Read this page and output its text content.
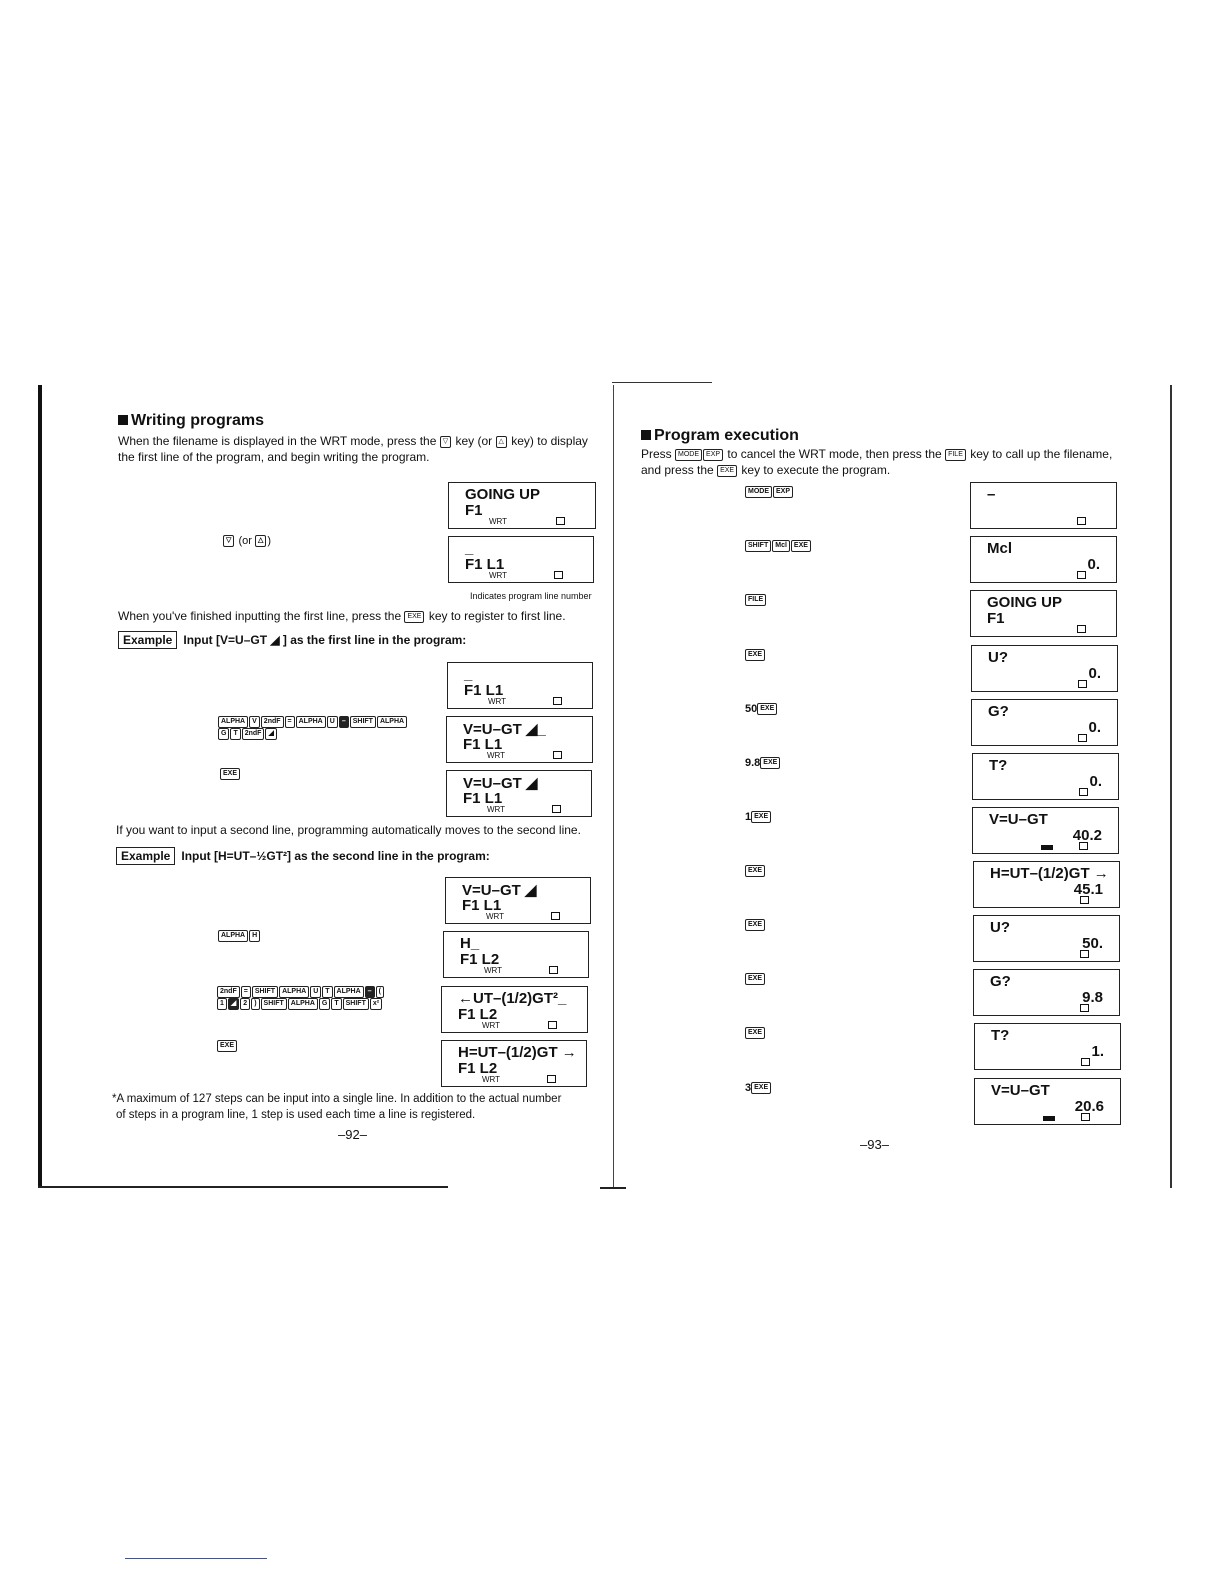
Writing programs
When the filename is displayed in the WRT mode, press the ▽ key (or △ key) to display
the first line of the program, and begin writing the program.
GOING UP
F1
WRT
▽ (or △ )	_
F1 L1
WRT
Indicates program line number
When you've finished inputting the first line, press the EXE key to register to first line.
Example Input [V=U–GT ◢ ] as the first line in the program:
_
F1 L1
WRT
ALPHA V 2ndF = ALPHA U – SHIFT ALPHA
G T 2ndF ◢	V=U–GT ◢_
F1 L1
WRT
EXE
V=U–GT ◢
F1 L1
WRT
If you want to input a second line, programming automatically moves to the second line.
Example Input [H=UT–½GT²] as the second line in the program:
V=U–GT ◢
F1 L1
WRT
ALPHA H	H_
F1 L2
WRT
2ndF = SHIFT ALPHA U T ALPHA – (
1 ◢ 2 ) SHIFT ALPHA G T SHIFT x²	←UT–(1/2)GT²_
F1 L2
WRT
EXE	H=UT–(1/2)GT →
F1 L2
WRT
*A maximum of 127 steps can be input into a single line. In addition to the actual number
of steps in a program line, 1 step is used each time a line is registered.
–92–
Program execution
Press MODE EXP to cancel the WRT mode, then press the FILE key to call up the filename,
and press the EXE key to execute the program.
MODE EXP	–
SHIFT Mcl EXE	Mcl
0.
FILE	GOING UP
F1
EXE	U?
0.
50 EXE	G?
0.
9.8 EXE	T?
0.
1 EXE	V=U–GT
40.2
EXE	H=UT–(1/2)GT →
45.1
EXE	U?
50.
EXE	G?
9.8
EXE	T?
1.
3 EXE	V=U–GT
20.6
–93–
